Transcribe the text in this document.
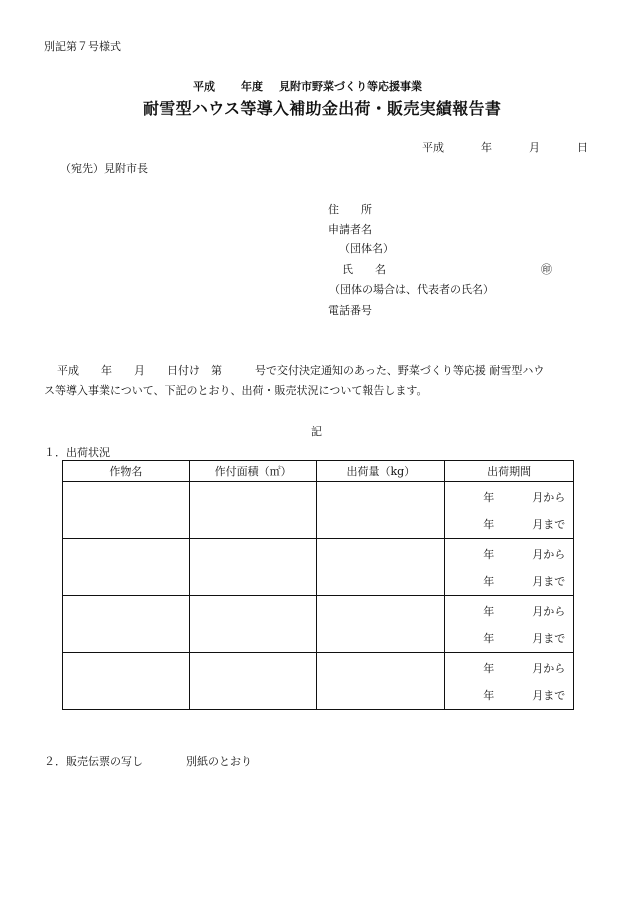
別記第７号様式
平成 年度 見附市野菜づくり等応援事業
耐雪型ハウス等導入補助金出荷・販売実績報告書
平成	年	月	日
（宛先）見附市長
住　　所
申請者名
（団体名）
氏　　名	㊞
（団体の場合は、代表者の氏名）
電話番号
平成　　年　　月　　日付け　第　　　号で交付決定通知のあった、野菜づくり等応援 耐雪型ハウ
ス等導入事業について、下記のとおり、出荷・販売状況について報告します。
記
１．出荷状況
作物名	作付面積（㎡）	出荷量（kg）	出荷期間

			年 月から
年 月まで

			年 月から
年 月まで

			年 月から
年 月まで

			年 月から
年 月まで
２．販売伝票の写し	別紙のとおり
